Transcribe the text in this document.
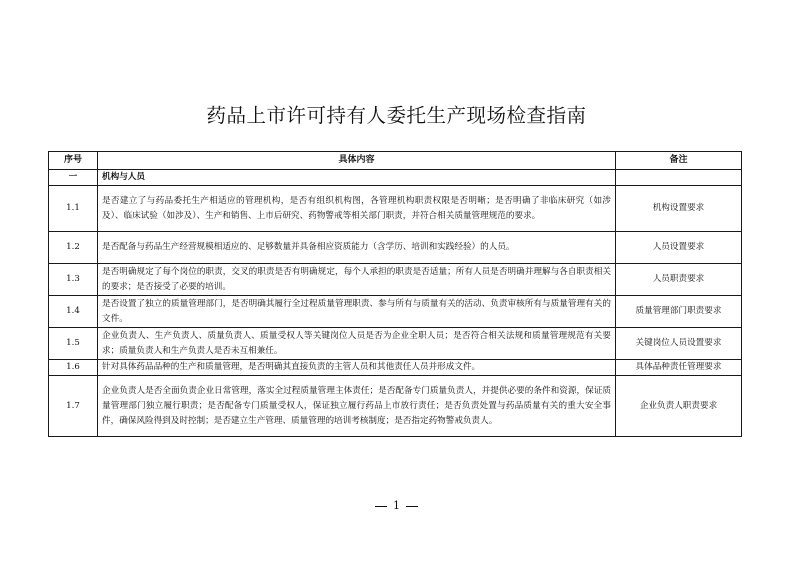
药品上市许可持有人委托生产现场检查指南
序号	具体内容	备注
一	机构与人员	
1.1	是否建立了与药品委托生产相适应的管理机构，是否有组织机构图，各管理机构职责权限是否明晰；是否明确了非临床研究（如涉及）、临床试验（如涉及）、生产和销售、上市后研究、药物警戒等相关部门职责，并符合相关质量管理规范的要求。	机构设置要求
1.2	是否配备与药品生产经营规模相适应的、足够数量并具备相应资质能力（含学历、培训和实践经验）的人员。	人员设置要求
1.3	是否明确规定了每个岗位的职责，交叉的职责是否有明确规定，每个人承担的职责是否适量；所有人员是否明确并理解与各自职责相关的要求；是否接受了必要的培训。	人员职责要求
1.4	是否设置了独立的质量管理部门，是否明确其履行全过程质量管理职责、参与所有与质量有关的活动、负责审核所有与质量管理有关的文件。	质量管理部门职责要求
1.5	企业负责人、生产负责人、质量负责人、质量受权人等关键岗位人员是否为企业全职人员；是否符合相关法规和质量管理规范有关要求；质量负责人和生产负责人是否未互相兼任。	关键岗位人员设置要求
1.6	针对具体药品品种的生产和质量管理，是否明确其直接负责的主管人员和其他责任人员并形成文件。	具体品种责任管理要求
1.7	企业负责人是否全面负责企业日常管理，落实全过程质量管理主体责任；是否配备专门质量负责人，并提供必要的条件和资源，保证质量管理部门独立履行职责；是否配备专门质量受权人，保证独立履行药品上市放行责任；是否负责处置与药品质量有关的重大安全事件，确保风险得到及时控制；是否建立生产管理、质量管理的培训考核制度；是否指定药物警戒负责人。	企业负责人职责要求
1
